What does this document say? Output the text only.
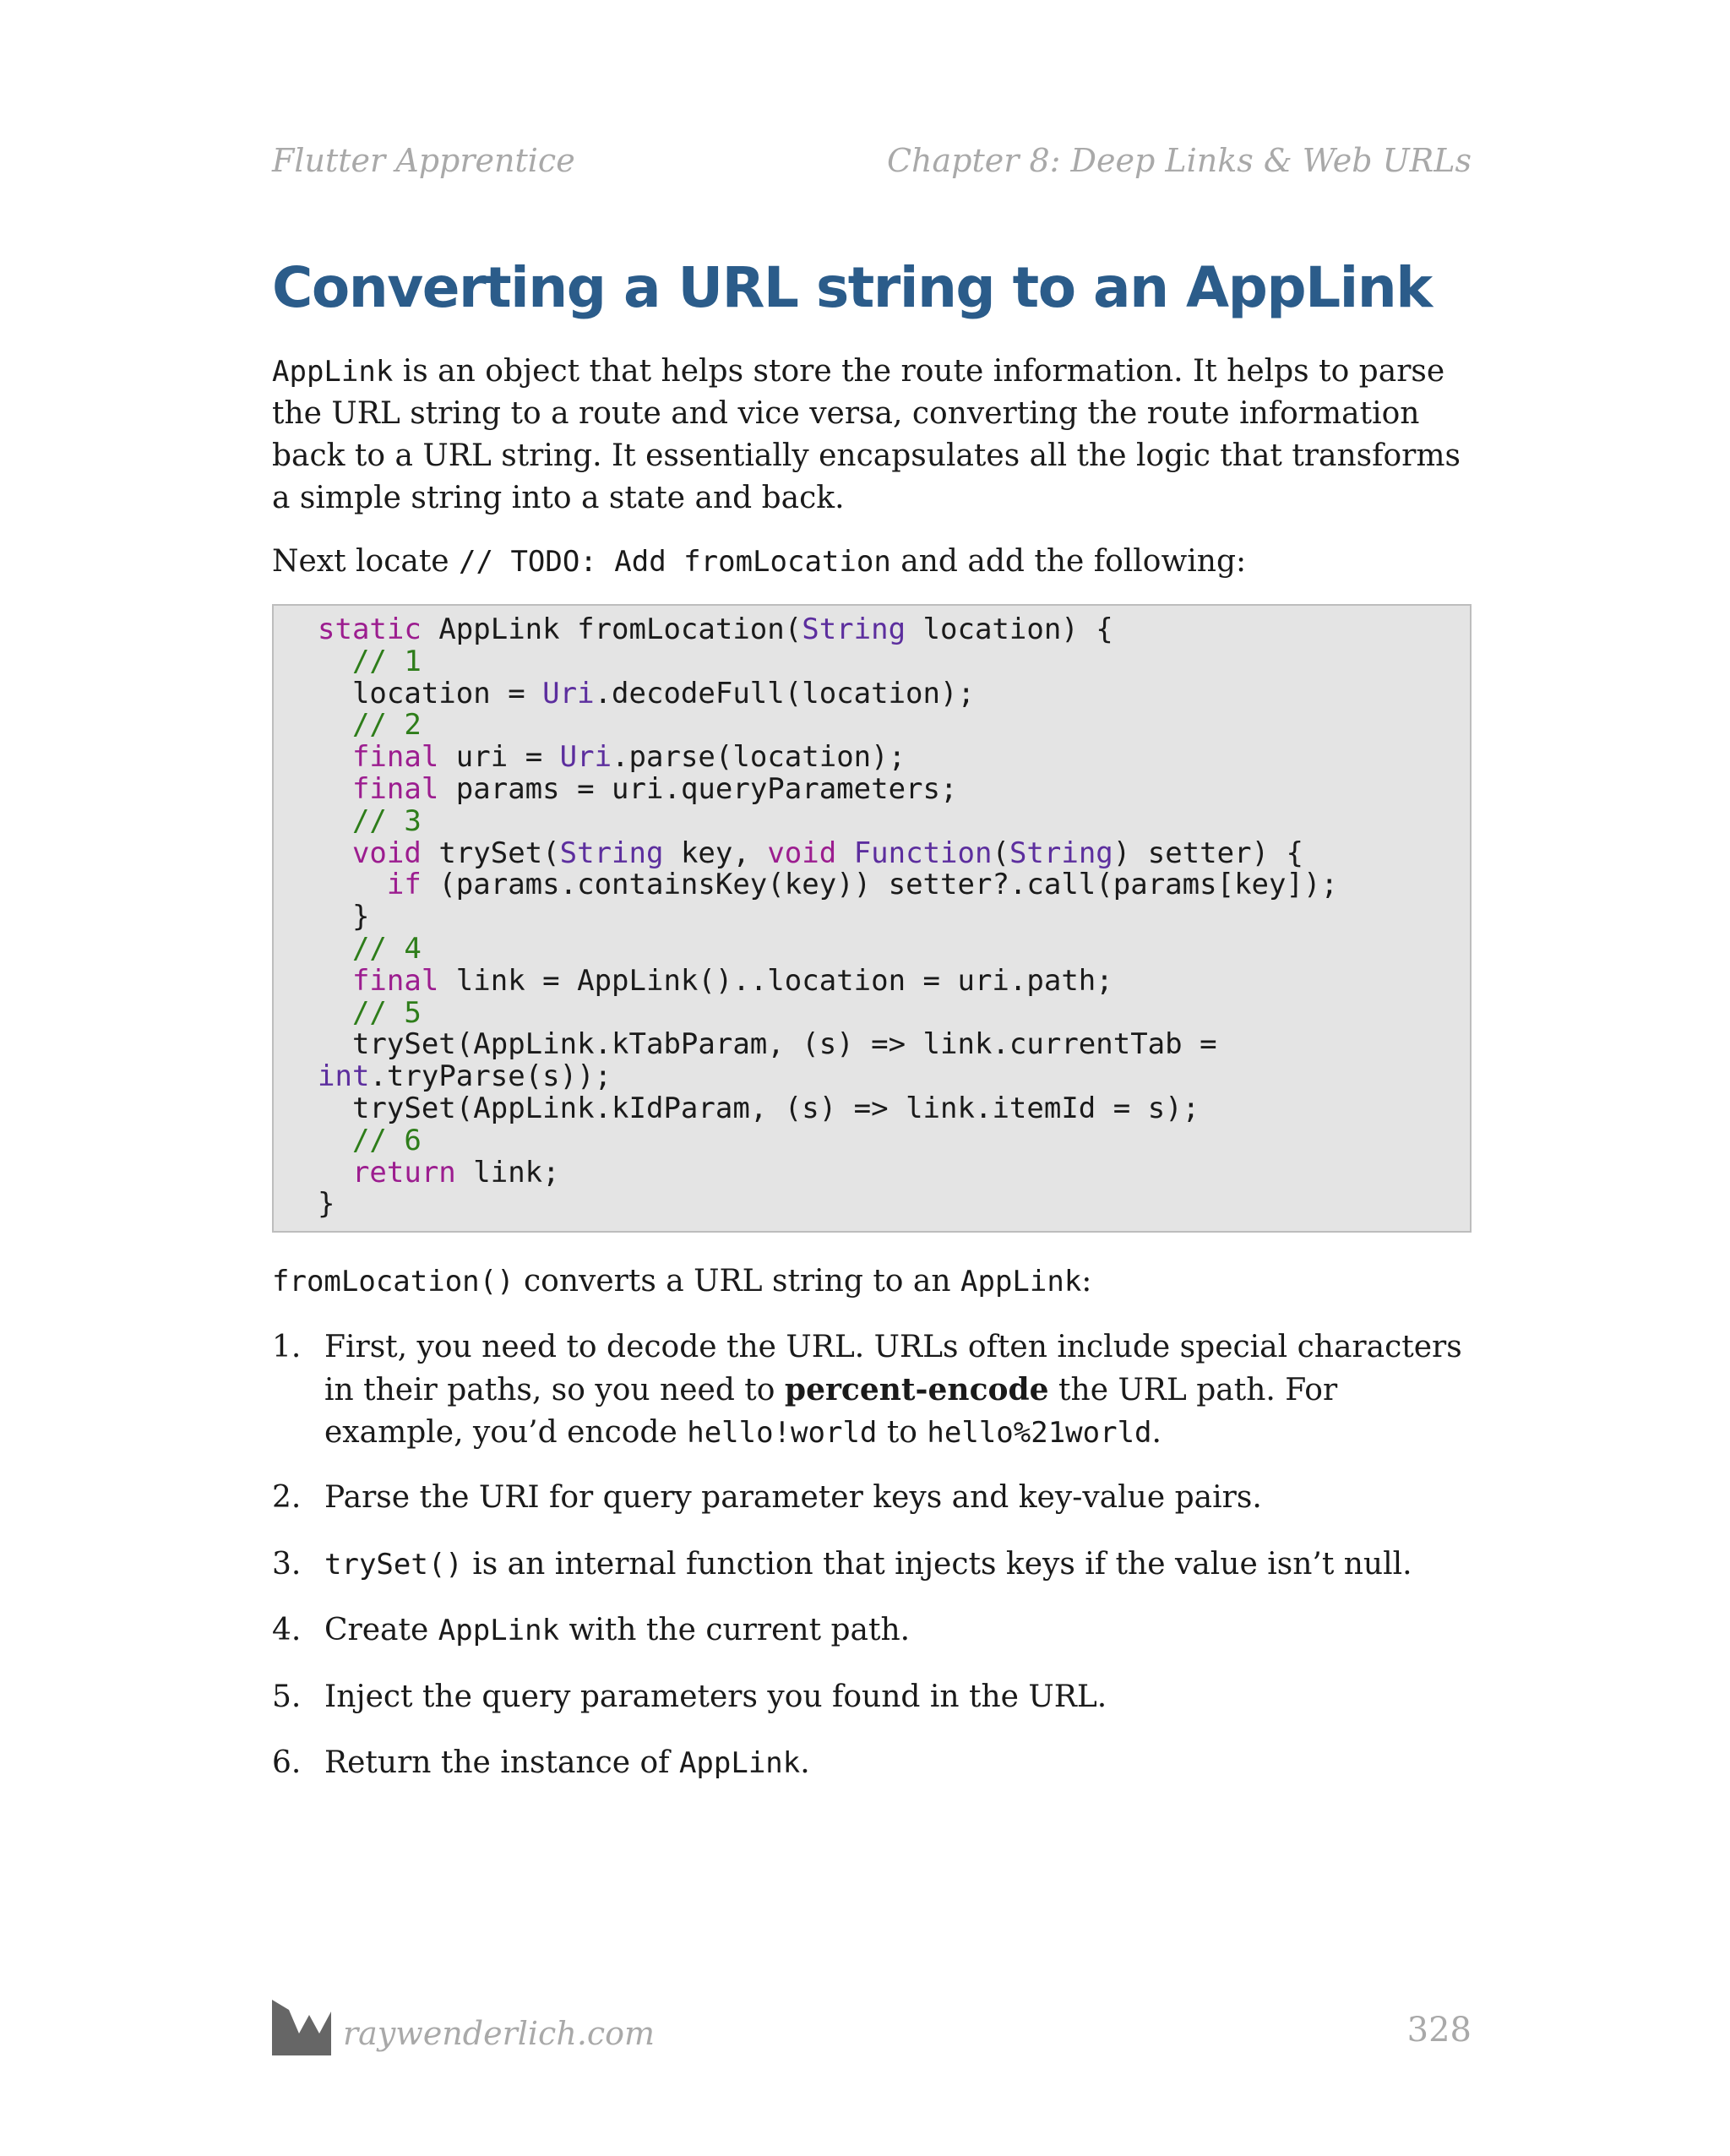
Flutter Apprentice	Chapter 8: Deep Links & Web URLs
Converting a URL string to an AppLink

AppLink is an object that helps store the route information. It helps to parse the URL string to a route and vice versa, converting the route information back to a URL string. It essentially encapsulates all the logic that transforms a simple string into a state and back.

Next locate // TODO: Add fromLocation and add the following:

static AppLink fromLocation(String location) {
// 1
location = Uri.decodeFull(location);
// 2
final uri = Uri.parse(location);
final params = uri.queryParameters;
// 3
void trySet(String key, void Function(String) setter) {
if (params.containsKey(key)) setter?.call(params[key]);
}
// 4
final link = AppLink()..location = uri.path;
// 5
trySet(AppLink.kTabParam, (s) => link.currentTab =
int.tryParse(s));
trySet(AppLink.kIdParam, (s) => link.itemId = s);
// 6
return link;
}

fromLocation() converts a URL string to an AppLink:

1. First, you need to decode the URL. URLs often include special characters in their paths, so you need to percent-encode the URL path. For example, you’d encode hello!world to hello%21world.
2. Parse the URI for query parameter keys and key-value pairs.
3. trySet() is an internal function that injects keys if the value isn’t null.
4. Create AppLink with the current path.
5. Inject the query parameters you found in the URL.
6. Return the instance of AppLink.
raywenderlich.com	328
